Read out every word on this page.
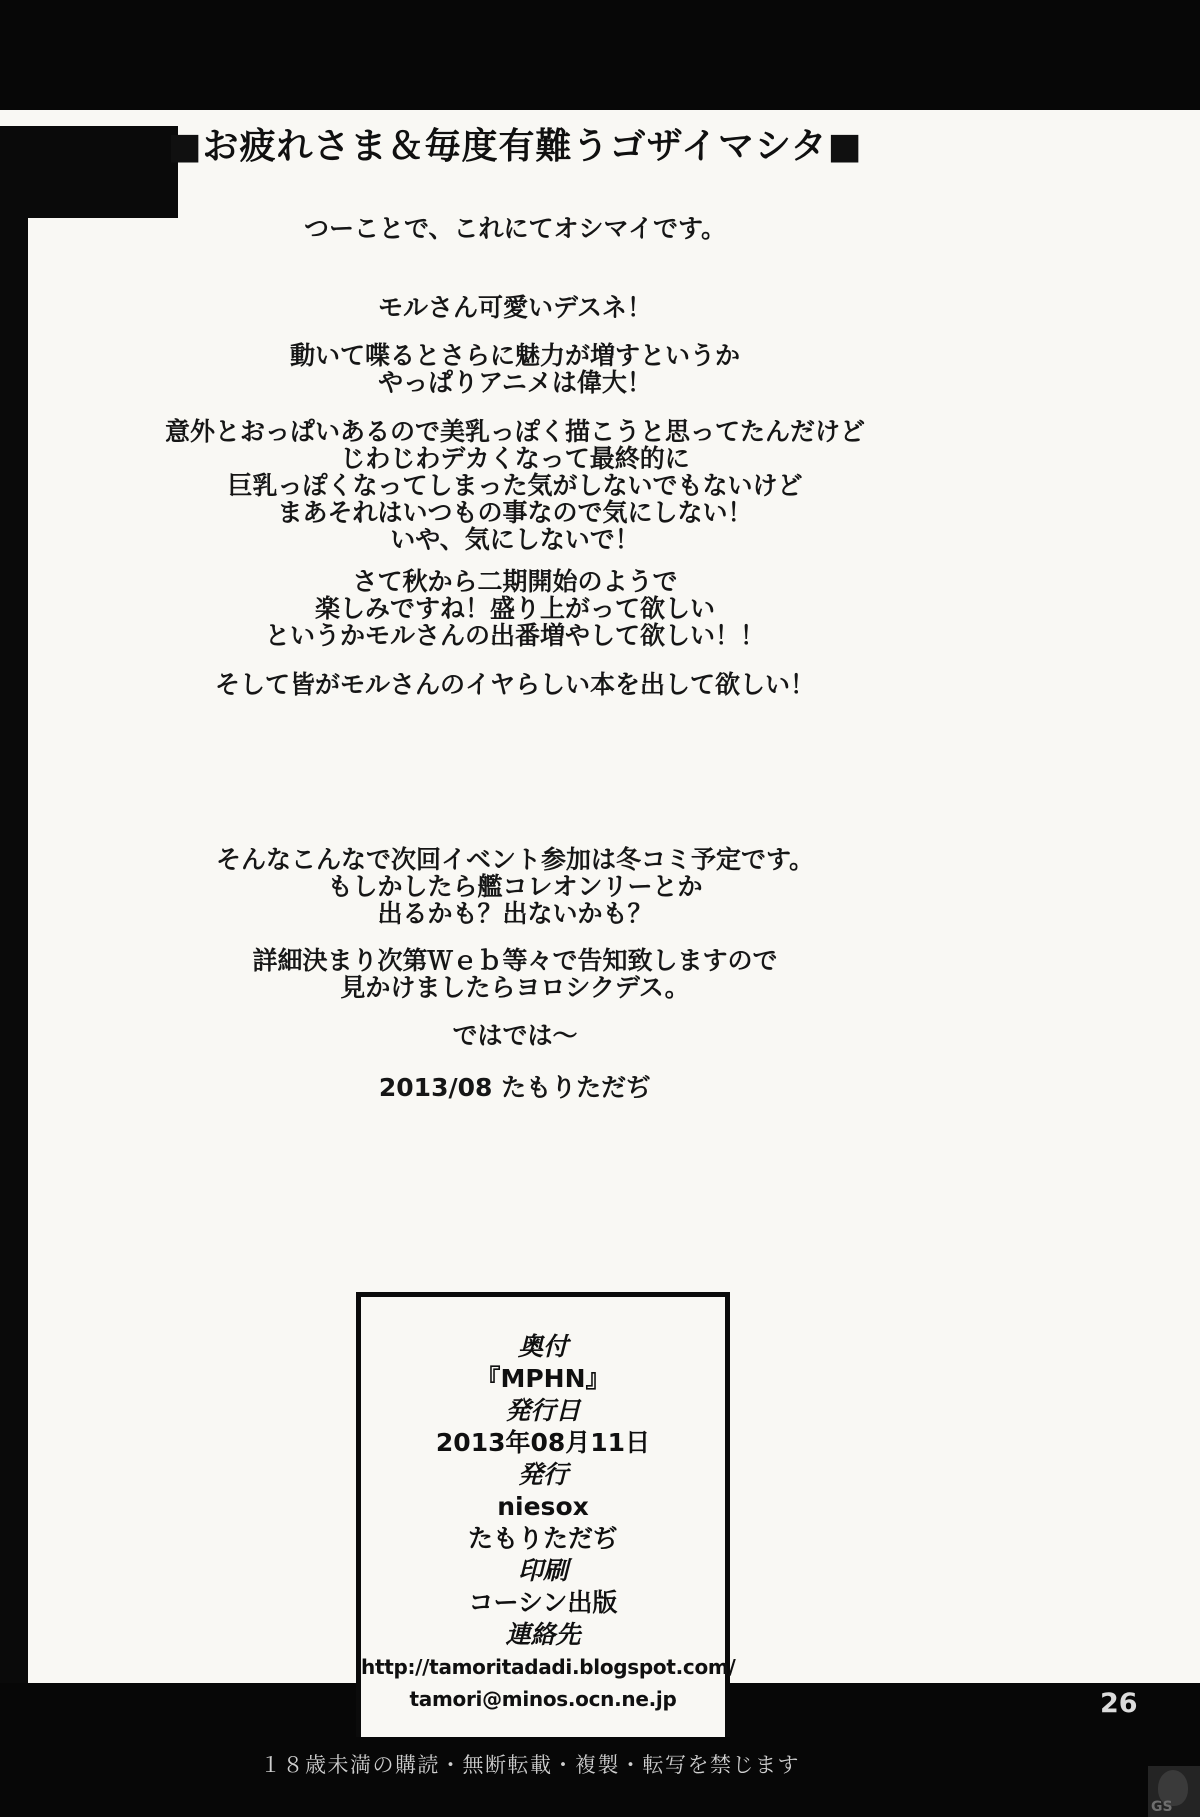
■お疲れさま＆毎度有難うゴザイマシタ■

つーことで、これにてオシマイです。

モルさん可愛いデスネ！

動いて喋るとさらに魅力が増すというか
やっぱりアニメは偉大！

意外とおっぱいあるので美乳っぽく描こうと思ってたんだけど
じわじわデカくなって最終的に
巨乳っぽくなってしまった気がしないでもないけど
まあそれはいつもの事なので気にしない！
いや、気にしないで！

さて秋から二期開始のようで
楽しみですね！盛り上がって欲しい
というかモルさんの出番増やして欲しい！！

そして皆がモルさんのイヤらしい本を出して欲しい！

そんなこんなで次回イベント参加は冬コミ予定です。
もしかしたら艦コレオンリーとか
出るかも？出ないかも？

詳細決まり次第Ｗｅｂ等々で告知致しますので
見かけましたらヨロシクデス。

ではでは～

2013/08 たもりただぢ

奥付
『MPHN』
発行日
2013年08月11日
発行
niesox
たもりただぢ
印刷
コーシン出版
連絡先
http://tamoritadadi.blogspot.com/
tamori@minos.ocn.ne.jp	26
１８歳未満の購読・無断転載・複製・転写を禁じます
GS
